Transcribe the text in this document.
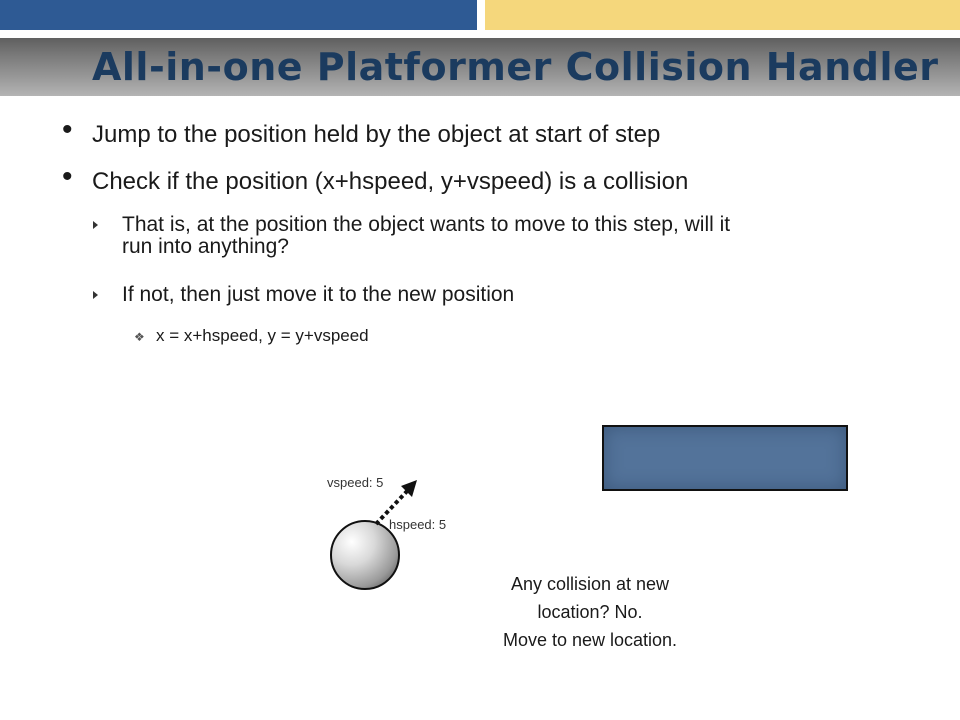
All-in-one Platformer Collision Handler
• Jump to the position held by the object at start of step
• Check if the position (x+hspeed, y+vspeed) is a collision
That is, at the position the object wants to move to this step, will it
run into anything?
If not, then just move it to the new position
❖ x = x+hspeed, y = y+vspeed
vspeed: 5
hspeed: 5
Any collision at new
location? No.
Move to new location.
